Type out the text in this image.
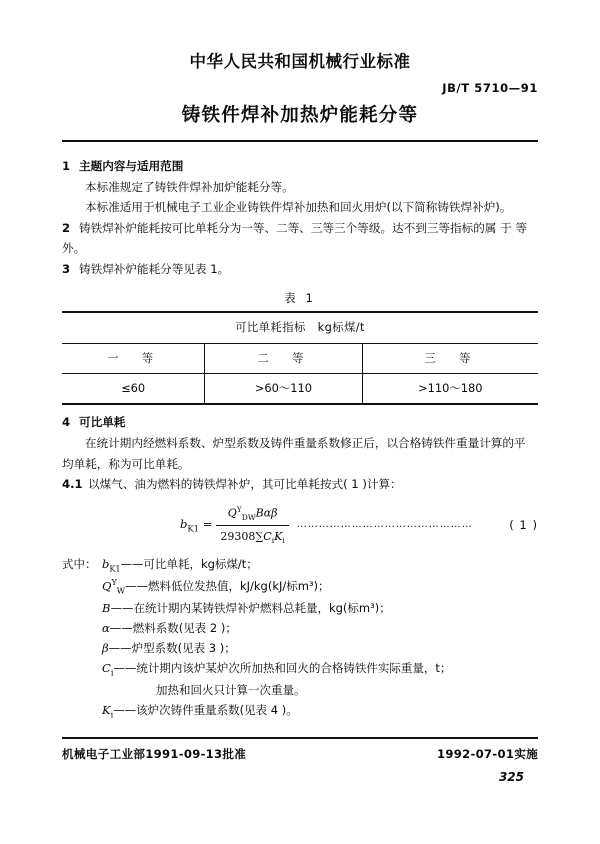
中华人民共和国机械行业标准
JB/T 5710—91
铸铁件焊补加热炉能耗分等
1 主题内容与适用范围
本标准规定了铸铁件焊补加炉能耗分等。
本标准适用于机械电子工业企业铸铁件焊补加热和回火用炉(以下简称铸铁焊补炉)。
2 铸铁焊补炉能耗按可比单耗分为一等、二等、三等三个等级。达不到三等指标的属 于 等
外。
3 铸铁焊补炉能耗分等见表 1。
表 1
可比单耗指标　kg标煤/t		
一　等	二　等	三　等
≤60	>60～110	>110～180
4 可比单耗
在统计期内经燃料系数、炉型系数及铸件重量系数修正后，以合格铸铁件重量计算的平
均单耗，称为可比单耗。
4.1 以煤气、油为燃料的铸铁焊补炉，其可比单耗按式( 1 )计算：
$b_{K1} = \frac{Q^Y_{DW}B\alpha\beta}{29308\sum C_iK_i}$ …………………………………………	( 1 )
式中： $b_{K1}$ ——可比单耗，kg标煤/t；
$Q^Y_W$ ——燃料低位发热值，kJ/kg(kJ/标m³)；
B ——在统计期内某铸铁焊补炉燃料总耗量，kg(标m³)；
α ——燃料系数(见表 2 )；
β ——炉型系数(见表 3 )；
$C_i$ ——统计期内该炉某炉次所加热和回火的合格铸铁件实际重量，t；
加热和回火只计算一次重量。
$K_i$ ——该炉次铸件重量系数(见表 4 )。
机械电子工业部1991-09-13批准	1992-07-01实施
325
